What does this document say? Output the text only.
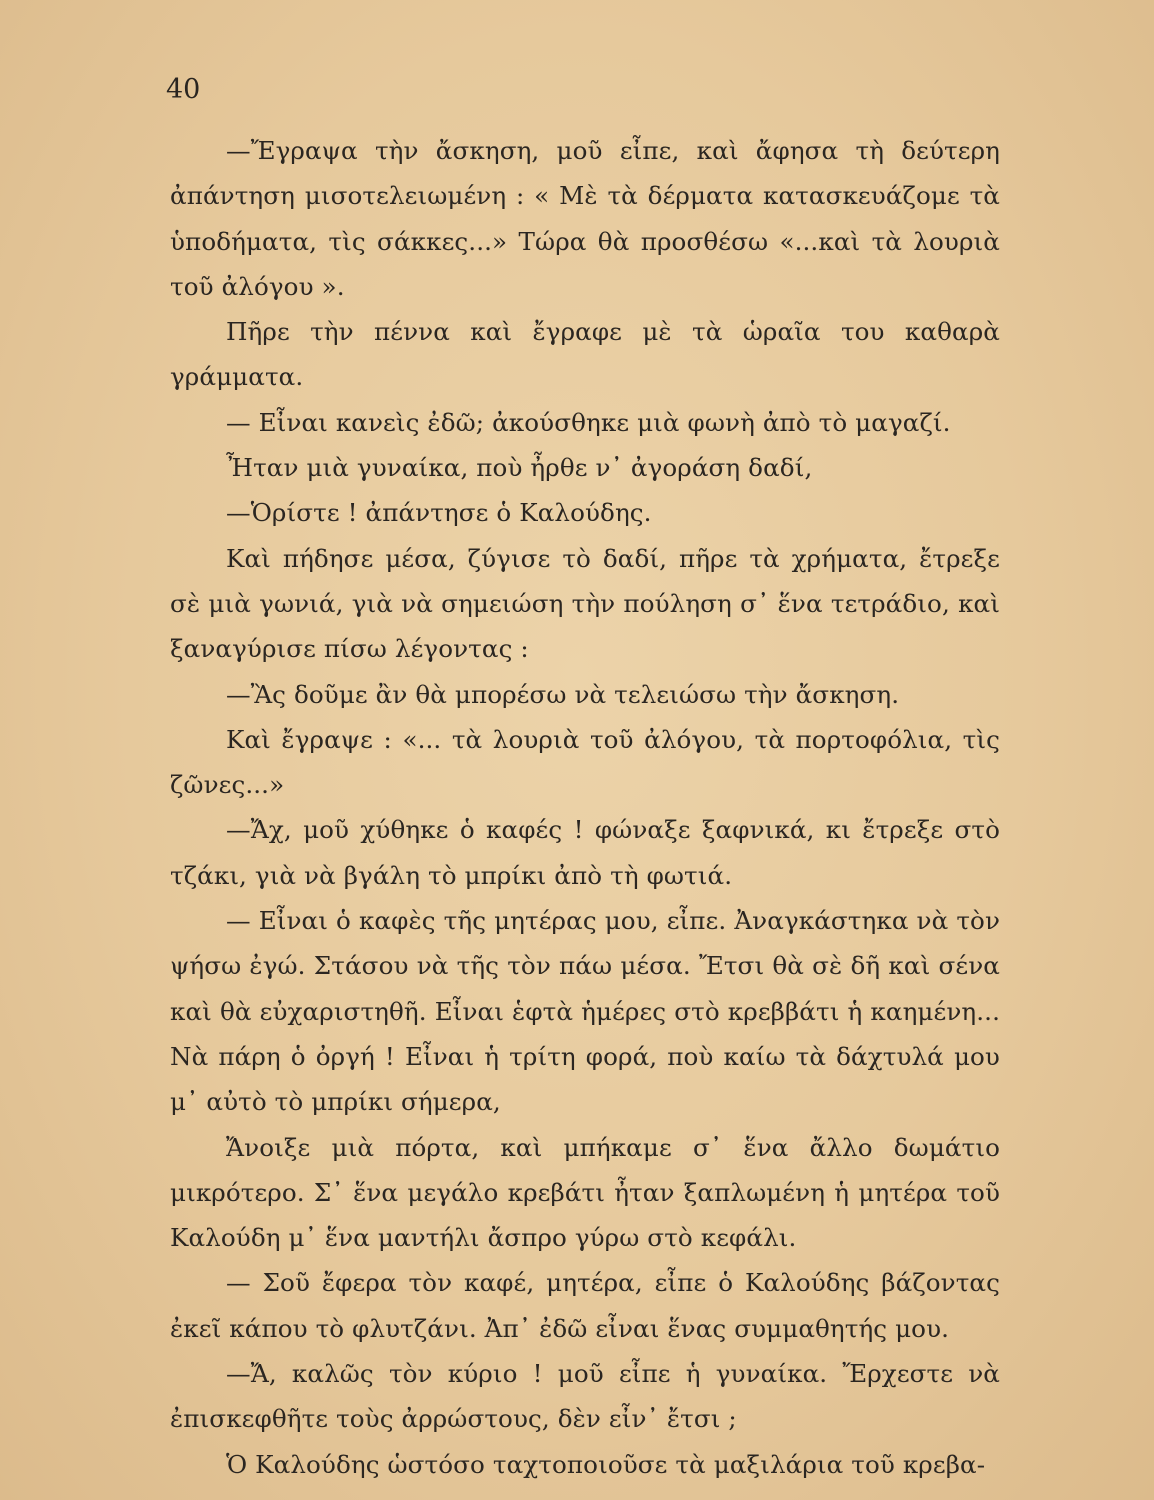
40

—Ἔγραψα τὴν ἄσκηση, μοῦ εἶπε, καὶ ἄφησα τὴ δεύτερη ἀπάντηση μισοτελειωμένη : « Μὲ τὰ δέρματα κατασκευάζομε τὰ ὑποδήματα, τὶς σάκκες...» Τώρα θὰ προσθέσω «...καὶ τὰ λουριὰ τοῦ ἀλόγου ».

Πῆρε τὴν πέννα καὶ ἔγραφε μὲ τὰ ὡραῖα του καθαρὰ γράμματα.

— Εἶναι κανεὶς ἐδῶ; ἀκούσθηκε μιὰ φωνὴ ἀπὸ τὸ μαγαζί.

Ἦταν μιὰ γυναίκα, ποὺ ἦρθε ν᾽ ἀγοράση δαδί,

—Ὁρίστε ! ἀπάντησε ὁ Καλούδης.

Καὶ πήδησε μέσα, ζύγισε τὸ δαδί, πῆρε τὰ χρήματα, ἔτρεξε σὲ μιὰ γωνιά, γιὰ νὰ σημειώση τὴν πούληση σ᾽ ἕνα τετράδιο, καὶ ξαναγύρισε πίσω λέγοντας :

—Ἂς δοῦμε ἂν θὰ μπορέσω νὰ τελειώσω τὴν ἄσκηση.

Καὶ ἔγραψε : «... τὰ λουριὰ τοῦ ἀλόγου, τὰ πορτοφόλια, τὶς ζῶνες...»

—Ἄχ, μοῦ χύθηκε ὁ καφές ! φώναξε ξαφνικά, κι ἔτρεξε στὸ τζάκι, γιὰ νὰ βγάλη τὸ μπρίκι ἀπὸ τὴ φωτιά.

— Εἶναι ὁ καφὲς τῆς μητέρας μου, εἶπε. Ἀναγκάστηκα νὰ τὸν ψήσω ἐγώ. Στάσου νὰ τῆς τὸν πάω μέσα. Ἔτσι θὰ σὲ δῆ καὶ σένα καὶ θὰ εὐχαριστηθῆ. Εἶναι ἑφτὰ ἡμέρες στὸ κρεββάτι ἡ καημένη... Νὰ πάρη ὁ ὀργή ! Εἶναι ἡ τρίτη φορά, ποὺ καίω τὰ δάχτυλά μου μ᾽ αὐτὸ τὸ μπρίκι σήμερα,

Ἄνοιξε μιὰ πόρτα, καὶ μπήκαμε σ᾽ ἕνα ἄλλο δωμάτιο μικρότερο. Σ᾽ ἕνα μεγάλο κρεβάτι ἦταν ξαπλωμένη ἡ μητέρα τοῦ Καλούδη μ᾽ ἕνα μαντήλι ἄσπρο γύρω στὸ κεφάλι.

— Σοῦ ἔφερα τὸν καφέ, μητέρα, εἶπε ὁ Καλούδης βάζοντας ἐκεῖ κάπου τὸ φλυτζάνι. Ἀπ᾽ ἐδῶ εἶναι ἕνας συμμαθητής μου.

—Ἄ, καλῶς τὸν κύριο ! μοῦ εἶπε ἡ γυναίκα. Ἔρχεστε νὰ ἐπισκεφθῆτε τοὺς ἀρρώστους, δὲν εἶν᾽ ἔτσι ;

Ὁ Καλούδης ὡστόσο ταχτοποιοῦσε τὰ μαξιλάρια τοῦ κρεβα-
